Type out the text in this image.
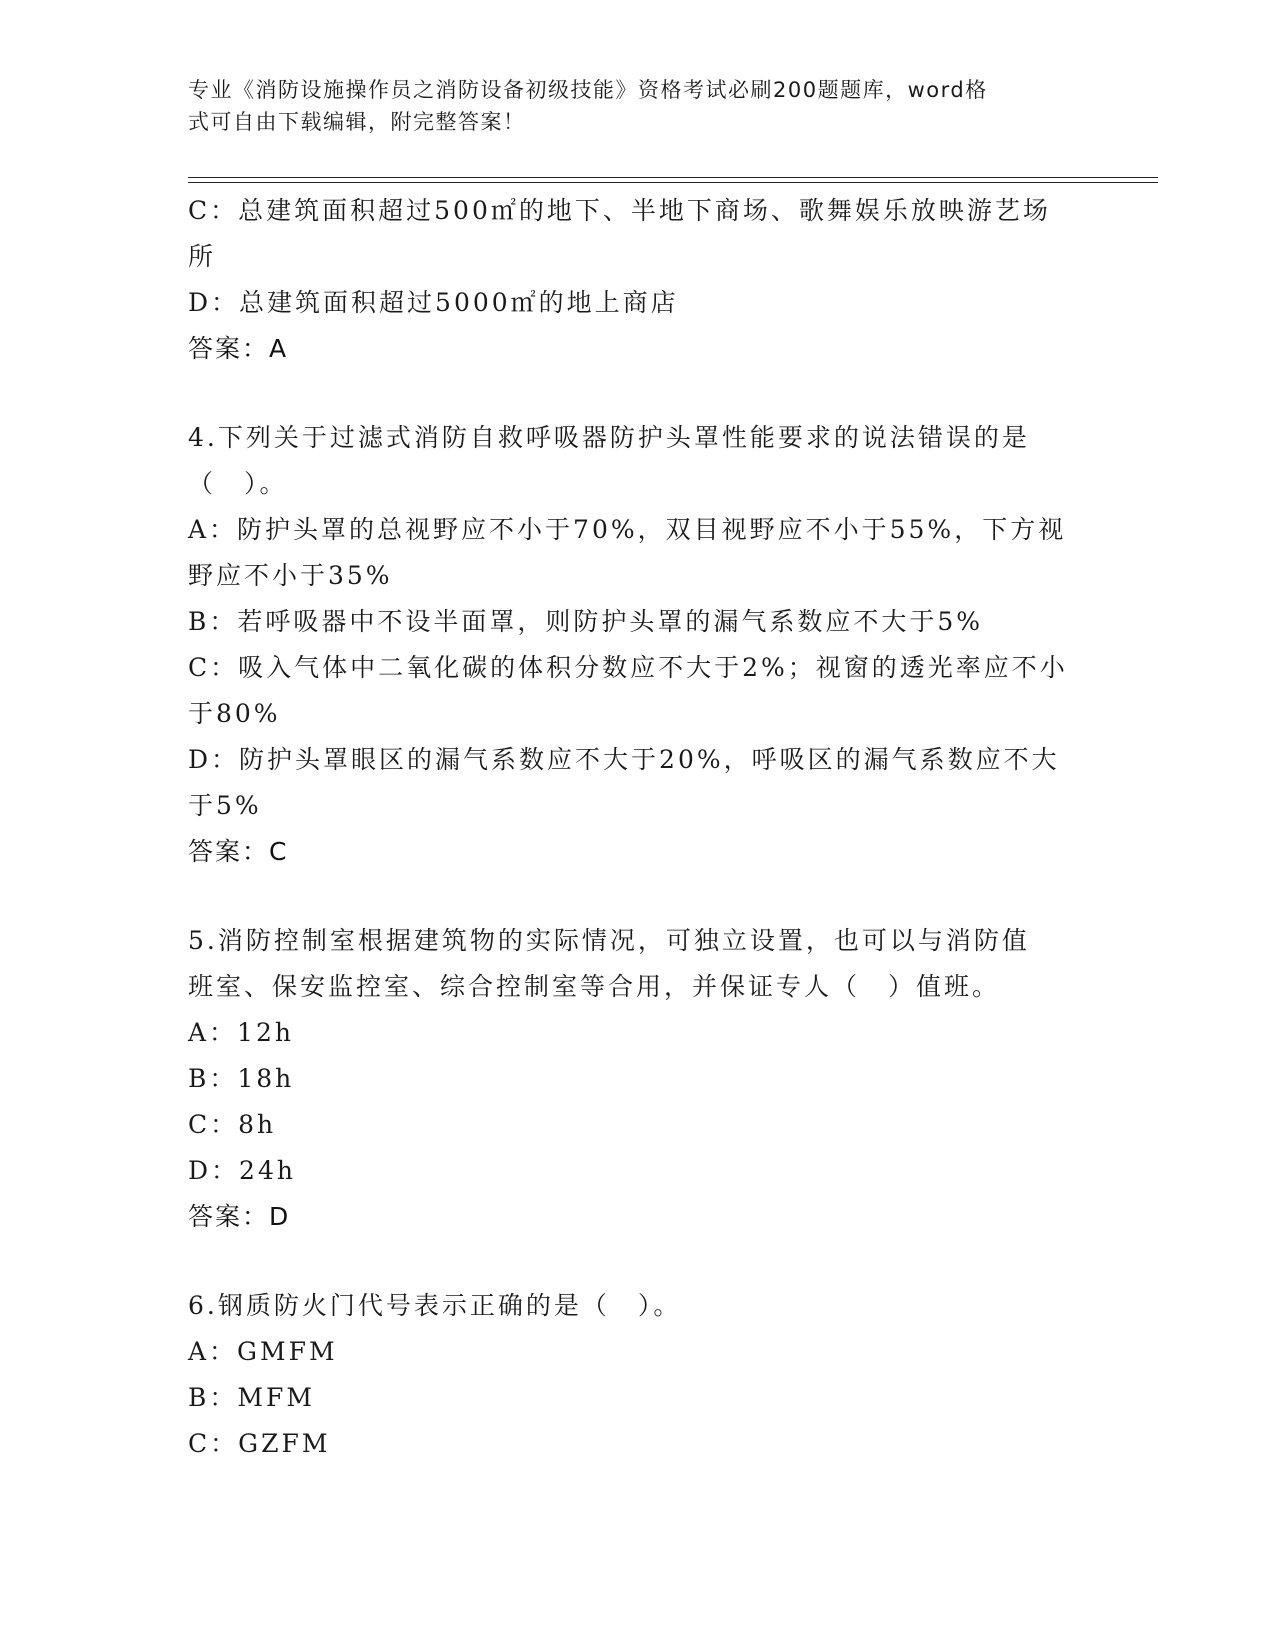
专业《消防设施操作员之消防设备初级技能》资格考试必刷200题题库，word格
式可自由下载编辑，附完整答案！
C：总建筑面积超过500㎡的地下、半地下商场、歌舞娱乐放映游艺场
所
D：总建筑面积超过5000㎡的地上商店
答案：A
4.下列关于过滤式消防自救呼吸器防护头罩性能要求的说法错误的是
（　）。
A：防护头罩的总视野应不小于70%，双目视野应不小于55%，下方视
野应不小于35%
B：若呼吸器中不设半面罩，则防护头罩的漏气系数应不大于5%
C：吸入气体中二氧化碳的体积分数应不大于2%；视窗的透光率应不小
于80%
D：防护头罩眼区的漏气系数应不大于20%，呼吸区的漏气系数应不大
于5%
答案：C
5.消防控制室根据建筑物的实际情况，可独立设置，也可以与消防值
班室、保安监控室、综合控制室等合用，并保证专人（　）值班。
A：12h
B：18h
C：8h
D：24h
答案：D
6.钢质防火门代号表示正确的是（　）。
A：GMFM
B：MFM
C：GZFM
